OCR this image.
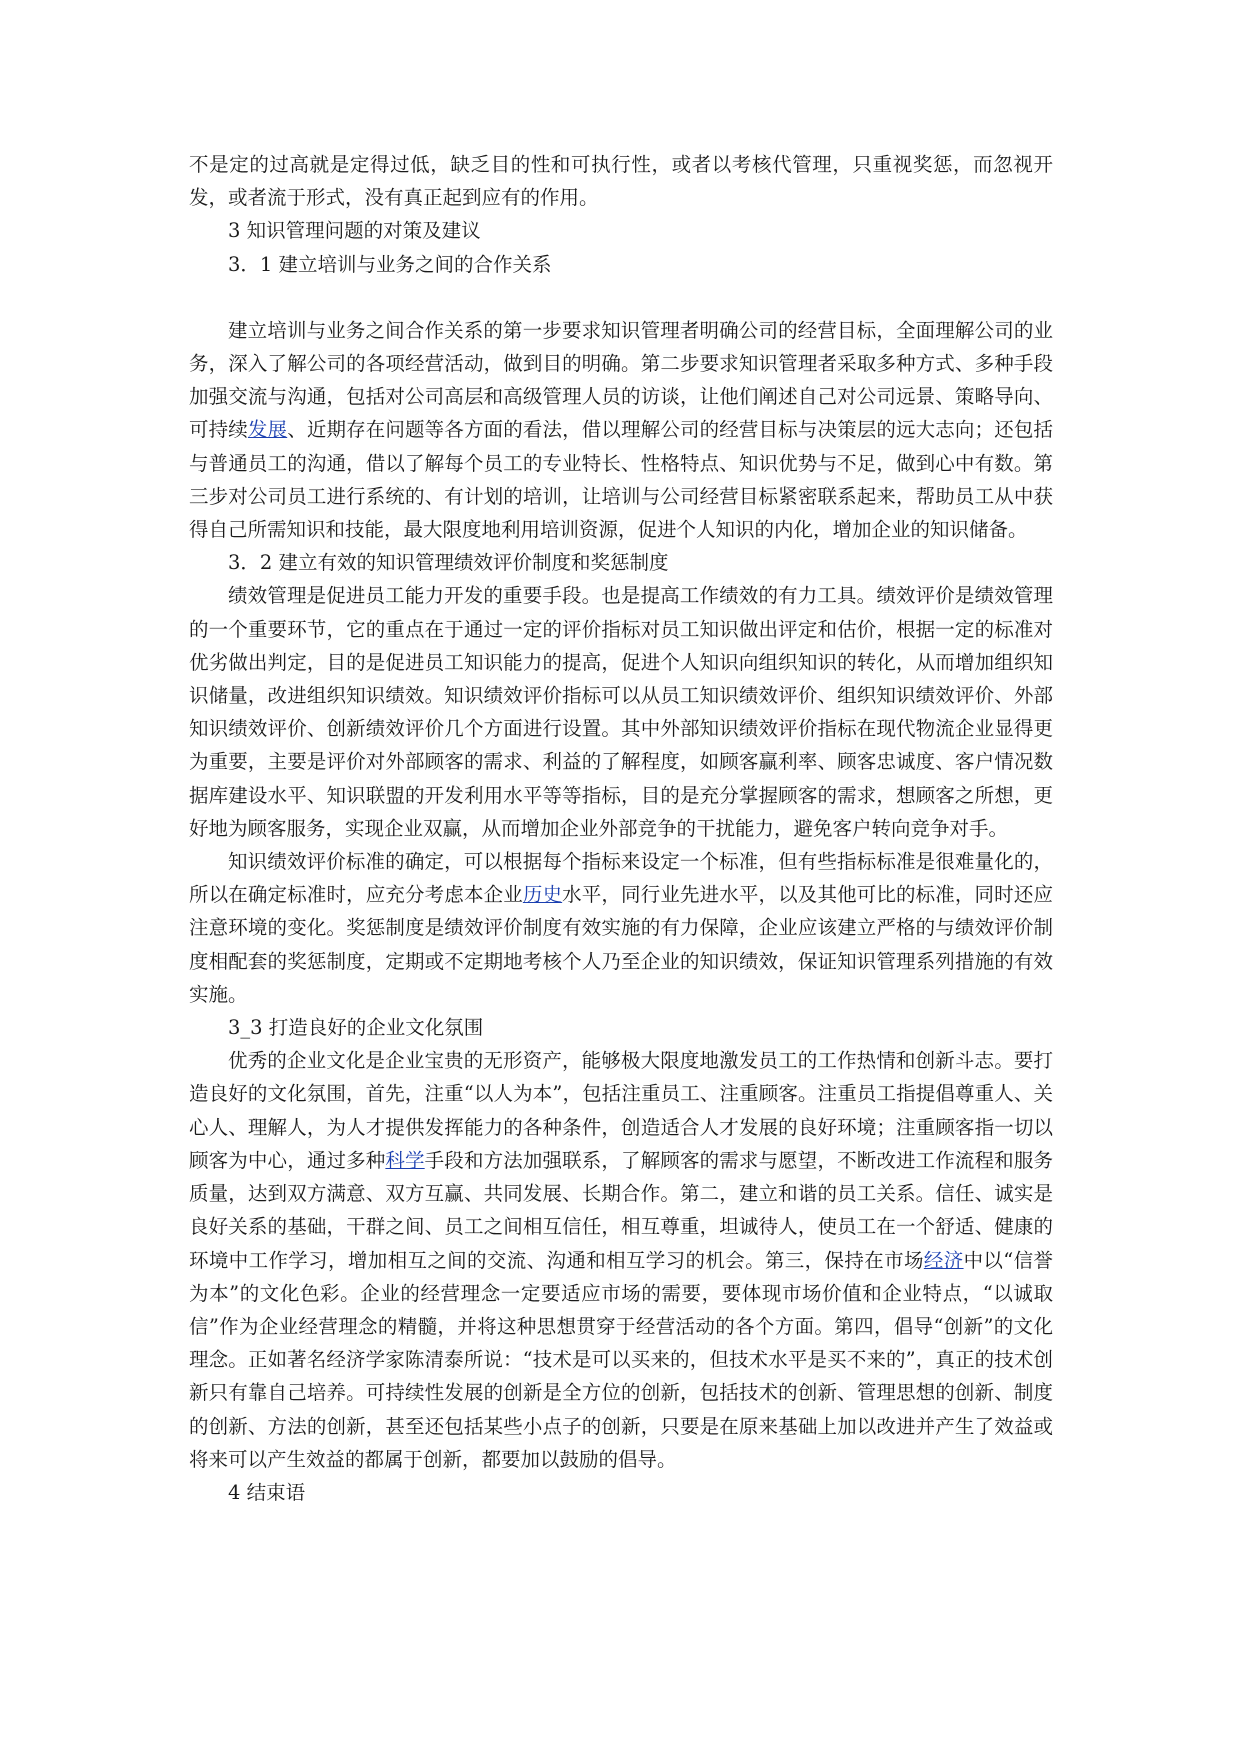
不是定的过高就是定得过低，缺乏目的性和可执行性，或者以考核代管理，只重视奖惩，而忽视开发，或者流于形式，没有真正起到应有的作用。

3 知识管理问题的对策及建议

3．1 建立培训与业务之间的合作关系

建立培训与业务之间合作关系的第一步要求知识管理者明确公司的经营目标，全面理解公司的业务，深入了解公司的各项经营活动，做到目的明确。第二步要求知识管理者采取多种方式、多种手段加强交流与沟通，包括对公司高层和高级管理人员的访谈，让他们阐述自己对公司远景、策略导向、可持续发展、近期存在问题等各方面的看法，借以理解公司的经营目标与决策层的远大志向；还包括与普通员工的沟通，借以了解每个员工的专业特长、性格特点、知识优势与不足，做到心中有数。第三步对公司员工进行系统的、有计划的培训，让培训与公司经营目标紧密联系起来，帮助员工从中获得自己所需知识和技能，最大限度地利用培训资源，促进个人知识的内化，增加企业的知识储备。

3．2 建立有效的知识管理绩效评价制度和奖惩制度

绩效管理是促进员工能力开发的重要手段。也是提高工作绩效的有力工具。绩效评价是绩效管理的一个重要环节，它的重点在于通过一定的评价指标对员工知识做出评定和估价，根据一定的标准对优劣做出判定，目的是促进员工知识能力的提高，促进个人知识向组织知识的转化，从而增加组织知识储量，改进组织知识绩效。知识绩效评价指标可以从员工知识绩效评价、组织知识绩效评价、外部知识绩效评价、创新绩效评价几个方面进行设置。其中外部知识绩效评价指标在现代物流企业显得更为重要，主要是评价对外部顾客的需求、利益的了解程度，如顾客赢利率、顾客忠诚度、客户情况数据库建设水平、知识联盟的开发利用水平等等指标，目的是充分掌握顾客的需求，想顾客之所想，更好地为顾客服务，实现企业双赢，从而增加企业外部竞争的干扰能力，避免客户转向竞争对手。

知识绩效评价标准的确定，可以根据每个指标来设定一个标准，但有些指标标准是很难量化的，所以在确定标准时，应充分考虑本企业历史水平，同行业先进水平，以及其他可比的标准，同时还应注意环境的变化。奖惩制度是绩效评价制度有效实施的有力保障，企业应该建立严格的与绩效评价制度相配套的奖惩制度，定期或不定期地考核个人乃至企业的知识绩效，保证知识管理系列措施的有效实施。

3_3 打造良好的企业文化氛围

优秀的企业文化是企业宝贵的无形资产，能够极大限度地激发员工的工作热情和创新斗志。要打造良好的文化氛围，首先，注重“以人为本”，包括注重员工、注重顾客。注重员工指提倡尊重人、关心人、理解人，为人才提供发挥能力的各种条件，创造适合人才发展的良好环境；注重顾客指一切以顾客为中心，通过多种科学手段和方法加强联系，了解顾客的需求与愿望，不断改进工作流程和服务质量，达到双方满意、双方互赢、共同发展、长期合作。第二，建立和谐的员工关系。信任、诚实是良好关系的基础，干群之间、员工之间相互信任，相互尊重，坦诚待人，使员工在一个舒适、健康的环境中工作学习，增加相互之间的交流、沟通和相互学习的机会。第三，保持在市场经济中以“信誉为本”的文化色彩。企业的经营理念一定要适应市场的需要，要体现市场价值和企业特点，“以诚取信”作为企业经营理念的精髓，并将这种思想贯穿于经营活动的各个方面。第四，倡导“创新”的文化理念。正如著名经济学家陈清泰所说：“技术是可以买来的，但技术水平是买不来的”，真正的技术创新只有靠自己培养。可持续性发展的创新是全方位的创新，包括技术的创新、管理思想的创新、制度的创新、方法的创新，甚至还包括某些小点子的创新，只要是在原来基础上加以改进并产生了效益或将来可以产生效益的都属于创新，都要加以鼓励的倡导。

4 结束语
